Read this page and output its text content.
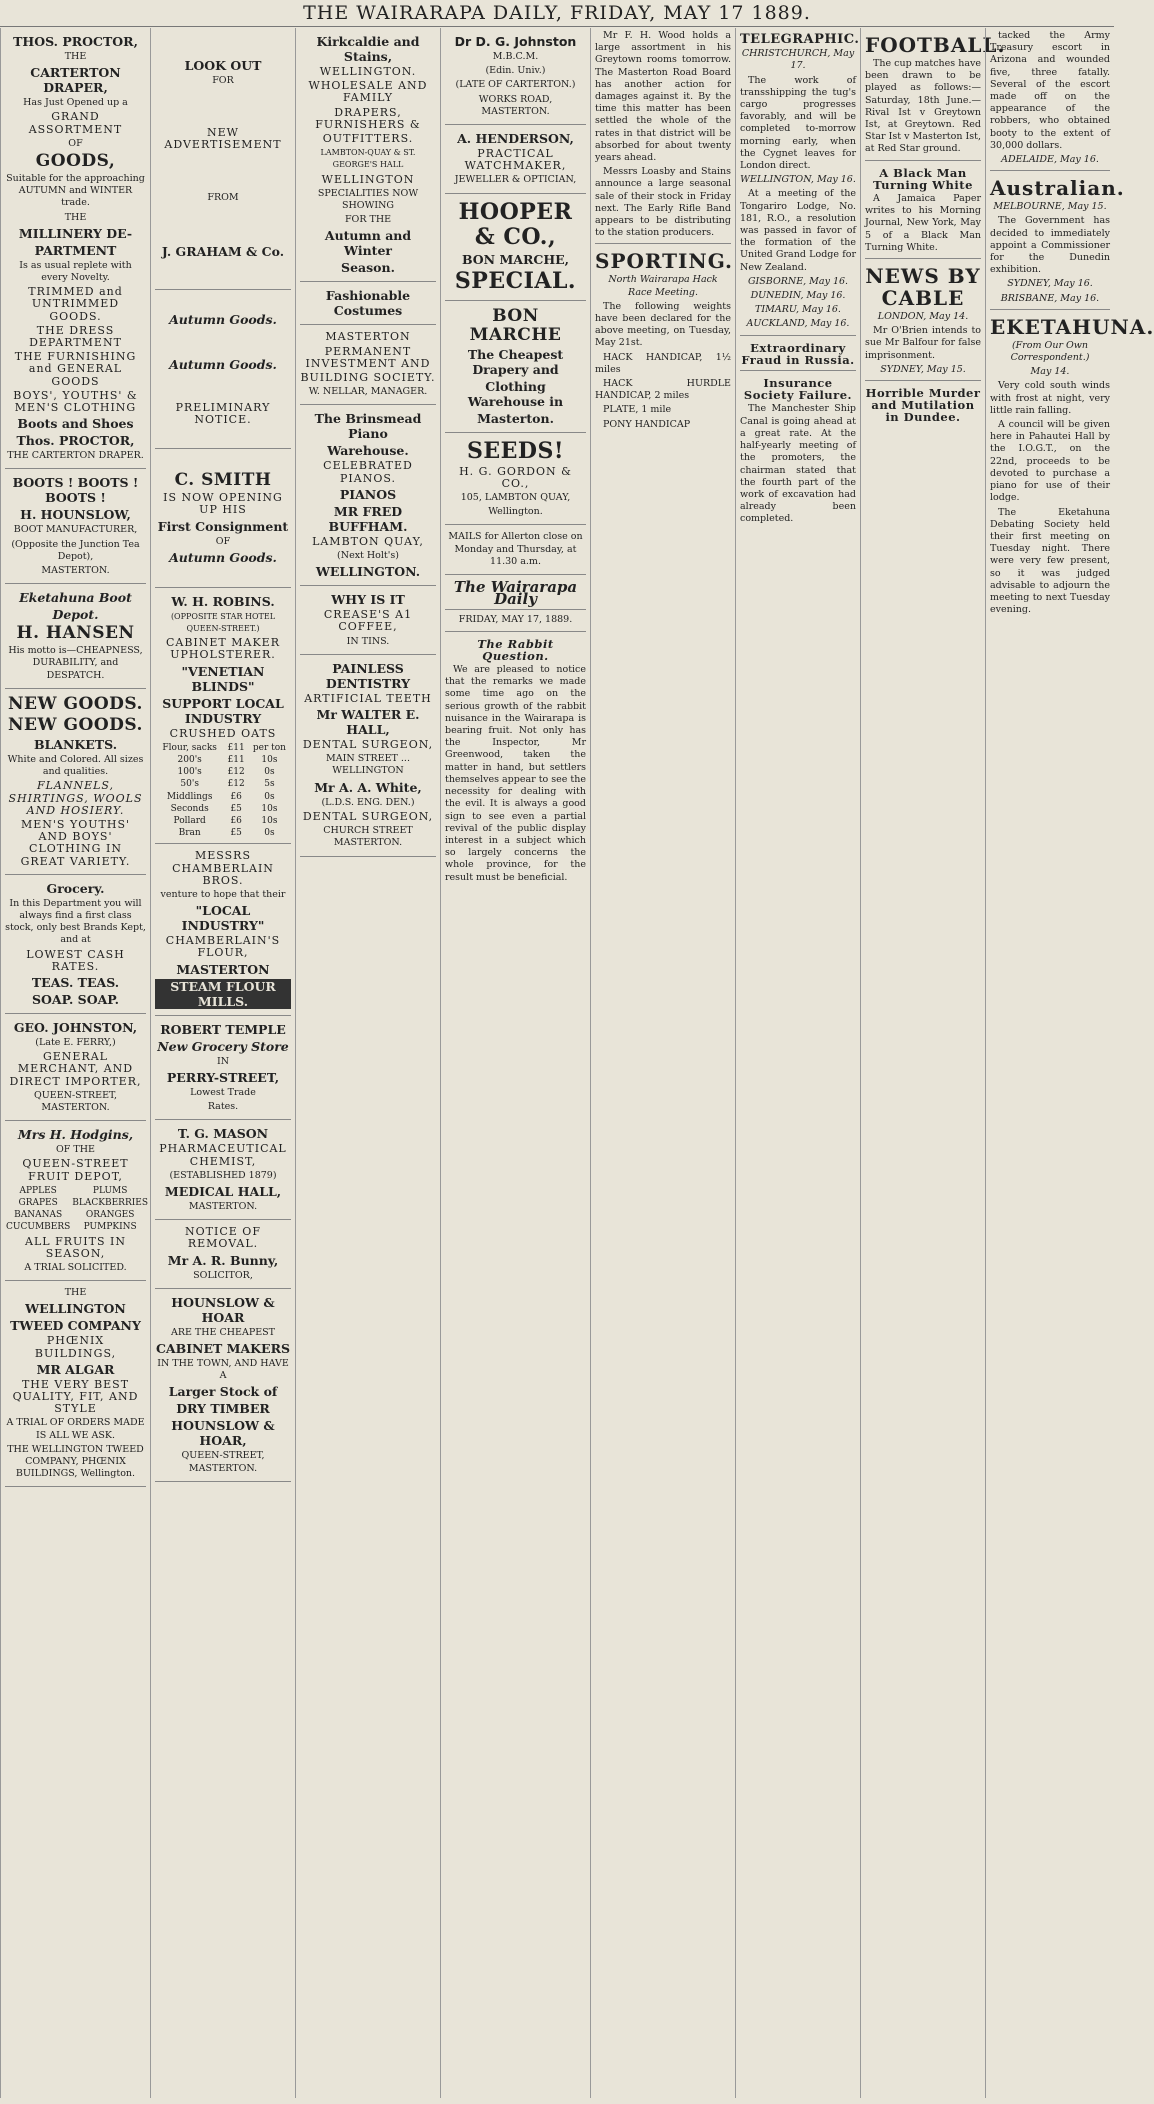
THE WAIRARAPA DAILY, FRIDAY, MAY 17 1889.

THOS. PROCTOR,

THE

CARTERTON DRAPER,

Has Just Opened up a

GRAND ASSORTMENT

OF

GOODS,

Suitable for the approaching AUTUMN and WINTER trade.

THE

MILLINERY DE-

PARTMENT

Is as usual replete with every Novelty.

TRIMMED and UNTRIMMED GOODS.

THE DRESS DEPARTMENT

THE FURNISHING and GENERAL GOODS

BOYS', YOUTHS' & MEN'S CLOTHING

Boots and Shoes

Thos. PROCTOR,

THE CARTERTON DRAPER.

BOOTS ! BOOTS ! BOOTS !

H. HOUNSLOW,

BOOT MANUFACTURER,

(Opposite the Junction Tea Depot),

MASTERTON.

Eketahuna Boot

Depot.

H. HANSEN

His motto is—CHEAPNESS, DURABILITY, and DESPATCH.

NEW GOODS.

NEW GOODS.

BLANKETS.

White and Colored. All sizes and qualities.

FLANNELS, SHIRTINGS, WOOLS AND HOSIERY.

MEN'S YOUTHS' AND BOYS' CLOTHING IN GREAT VARIETY.

Grocery.

In this Department you will always find a first class stock, only best Brands Kept, and at

LOWEST CASH RATES.

TEAS. TEAS.

SOAP. SOAP.

GEO. JOHNSTON,

(Late E. FERRY,)

GENERAL MERCHANT, AND DIRECT IMPORTER,

QUEEN-STREET, MASTERTON.

Mrs H. Hodgins,

OF THE

QUEEN-STREET FRUIT DEPOT,

APPLES	PLUMS
GRAPES	BLACKBERRIES
BANANAS	ORANGES
CUCUMBERS	PUMPKINS

ALL FRUITS IN SEASON,

A TRIAL SOLICITED.

THE

WELLINGTON

TWEED COMPANY

PHŒNIX BUILDINGS,

MR ALGAR

THE VERY BEST QUALITY, FIT, AND STYLE

A TRIAL OF ORDERS MADE IS ALL WE ASK.

THE WELLINGTON TWEED COMPANY, PHŒNIX BUILDINGS, Wellington.

LOOK OUT

FOR

NEW ADVERTISEMENT

FROM

J. GRAHAM & Co.

Autumn Goods.

Autumn Goods.

PRELIMINARY NOTICE.

C. SMITH

IS NOW OPENING UP HIS

First Consignment

OF

Autumn Goods.

W. H. ROBINS.

(OPPOSITE STAR HOTEL QUEEN-STREET.)

CABINET MAKER UPHOLSTERER.

"VENETIAN BLINDS"

SUPPORT LOCAL INDUSTRY

CRUSHED OATS

Flour, sacks	£11	per ton
200's	£11	10s
100's	£12	0s
50's	£12	5s
Middlings	£6	0s
Seconds	£5	10s
Pollard	£6	10s
Bran	£5	0s

MESSRS CHAMBERLAIN BROS.

venture to hope that their

"LOCAL INDUSTRY"

CHAMBERLAIN'S FLOUR,

MASTERTON

STEAM FLOUR MILLS.

ROBERT TEMPLE

New Grocery Store

IN

PERRY-STREET,

Lowest Trade

Rates.

T. G. MASON

PHARMACEUTICAL CHEMIST,

(ESTABLISHED 1879)

MEDICAL HALL,

MASTERTON.

NOTICE OF REMOVAL.

Mr A. R. Bunny,

SOLICITOR,

HOUNSLOW & HOAR

ARE THE CHEAPEST

CABINET MAKERS

IN THE TOWN, AND HAVE A

Larger Stock of

DRY TIMBER

HOUNSLOW & HOAR,

QUEEN-STREET, MASTERTON.

Kirkcaldie and Stains,

WELLINGTON.

WHOLESALE AND FAMILY

DRAPERS, FURNISHERS &

OUTFITTERS.

LAMBTON-QUAY & ST. GEORGE'S HALL

WELLINGTON

SPECIALITIES NOW SHOWING

FOR THE

Autumn and Winter

Season.

Fashionable Costumes

MASTERTON

PERMANENT INVESTMENT AND

BUILDING SOCIETY.

W. NELLAR, MANAGER.

The Brinsmead Piano

Warehouse.

CELEBRATED PIANOS.

PIANOS

MR FRED BUFFHAM.

LAMBTON QUAY,

(Next Holt's)

WELLINGTON.

WHY IS IT

CREASE'S A1 COFFEE,

IN TINS.

PAINLESS DENTISTRY

ARTIFICIAL TEETH

Mr WALTER E. HALL,

DENTAL SURGEON,

MAIN STREET ... WELLINGTON

Mr A. A. White,

(L.D.S. ENG. DEN.)

DENTAL SURGEON,

CHURCH STREET MASTERTON.

Dr D. G. Johnston

M.B.C.M.

(Edin. Univ.)

(LATE OF CARTERTON.)

WORKS ROAD, MASTERTON.

A. HENDERSON,

PRACTICAL WATCHMAKER,

JEWELLER & OPTICIAN,

HOOPER & CO.,

BON MARCHE,

SPECIAL.

BON MARCHE

The Cheapest Drapery and

Clothing Warehouse in

Masterton.

SEEDS!

H. G. GORDON & CO.,

105, LAMBTON QUAY,

Wellington.

MAILS for Allerton close on Monday and Thursday, at 11.30 a.m.

The Wairarapa Daily
FRIDAY, MAY 17, 1889.
The Rabbit Question.

We are pleased to notice that the remarks we made some time ago on the serious growth of the rabbit nuisance in the Wairarapa is bearing fruit. Not only has the Inspector, Mr Greenwood, taken the matter in hand, but settlers themselves appear to see the necessity for dealing with the evil. It is always a good sign to see even a partial revival of the public display interest in a subject which so largely concerns the whole province, for the result must be beneficial.

Mr F. H. Wood holds a large assortment in his Greytown rooms tomorrow. The Masterton Road Board has another action for damages against it. By the time this matter has been settled the whole of the rates in that district will be absorbed for about twenty years ahead.

Messrs Loasby and Stains announce a large seasonal sale of their stock in Friday next. The Early Rifle Band appears to be distributing to the station producers.

SPORTING.
North Wairarapa Hack Race Meeting.

The following weights have been declared for the above meeting, on Tuesday, May 21st.

HACK HANDICAP, 1½ miles

HACK HURDLE HANDICAP, 2 miles

PLATE, 1 mile

PONY HANDICAP

TELEGRAPHIC.
CHRISTCHURCH, May 17.

The work of transshipping the tug's cargo progresses favorably, and will be completed to-morrow morning early, when the Cygnet leaves for London direct.

WELLINGTON, May 16.

At a meeting of the Tongariro Lodge, No. 181, R.O., a resolution was passed in favor of the formation of the United Grand Lodge for New Zealand.

GISBORNE, May 16.
DUNEDIN, May 16.
TIMARU, May 16.
AUCKLAND, May 16.
Extraordinary Fraud in Russia.
Insurance Society Failure.

The Manchester Ship Canal is going ahead at a great rate. At the half-yearly meeting of the promoters, the chairman stated that the fourth part of the work of excavation had already been completed.

FOOTBALL.

The cup matches have been drawn to be played as follows:—Saturday, 18th June.—Rival Ist v Greytown Ist, at Greytown. Red Star Ist v Masterton Ist, at Red Star ground.

A Black Man Turning White

A Jamaica Paper writes to his Morning Journal, New York, May 5 of a Black Man Turning White.

NEWS BY CABLE
LONDON, May 14.

Mr O'Brien intends to sue Mr Balfour for false imprisonment.

SYDNEY, May 15.
Horrible Murder and Mutilation in Dundee.

tacked the Army Treasury escort in Arizona and wounded five, three fatally. Several of the escort made off on the appearance of the robbers, who obtained booty to the extent of 30,000 dollars.

ADELAIDE, May 16.
Australian.
MELBOURNE, May 15.

The Government has decided to immediately appoint a Commissioner for the Dunedin exhibition.

SYDNEY, May 16.
BRISBANE, May 16.
EKETAHUNA.
(From Our Own Correspondent.)
May 14.

Very cold south winds with frost at night, very little rain falling.

A council will be given here in Pahautei Hall by the I.O.G.T., on the 22nd, proceeds to be devoted to purchase a piano for use of their lodge.

The Eketahuna Debating Society held their first meeting on Tuesday night. There were very few present, so it was judged advisable to adjourn the meeting to next Tuesday evening.
